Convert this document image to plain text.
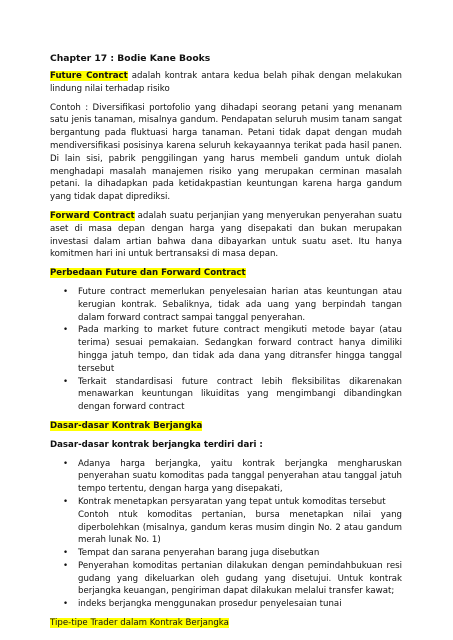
Chapter 17 : Bodie Kane Books

Future Contract adalah kontrak antara kedua belah pihak dengan melakukan lindung nilai terhadap risiko

Contoh : Diversifikasi portofolio yang dihadapi seorang petani yang menanam satu jenis tanaman, misalnya gandum. Pendapatan seluruh musim tanam sangat bergantung pada fluktuasi harga tanaman. Petani tidak dapat dengan mudah mendiversifikasi posisinya karena seluruh kekayaannya terikat pada hasil panen. Di lain sisi, pabrik penggilingan yang harus membeli gandum untuk diolah menghadapi masalah manajemen risiko yang merupakan cerminan masalah petani. Ia dihadapkan pada ketidakpastian keuntungan karena harga gandum yang tidak dapat diprediksi.

Forward Contract adalah suatu perjanjian yang menyerukan penyerahan suatu aset di masa depan dengan harga yang disepakati dan bukan merupakan investasi dalam artian bahwa dana dibayarkan untuk suatu aset. Itu hanya komitmen hari ini untuk bertransaksi di masa depan.

Perbedaan Future dan Forward Contract

• Future contract memerlukan penyelesaian harian atas keuntungan atau kerugian kontrak. Sebaliknya, tidak ada uang yang berpindah tangan dalam forward contract sampai tanggal penyerahan.
• Pada marking to market future contract mengikuti metode bayar (atau terima) sesuai pemakaian. Sedangkan forward contract hanya dimiliki hingga jatuh tempo, dan tidak ada dana yang ditransfer hingga tanggal tersebut
• Terkait standardisasi future contract lebih fleksibilitas dikarenakan menawarkan keuntungan likuiditas yang mengimbangi dibandingkan dengan forward contract

Dasar-dasar Kontrak Berjangka

Dasar-dasar kontrak berjangka terdiri dari :

• Adanya harga berjangka, yaitu kontrak berjangka mengharuskan penyerahan suatu komoditas pada tanggal penyerahan atau tanggal jatuh tempo tertentu, dengan harga yang disepakati,
• Kontrak menetapkan persyaratan yang tepat untuk komoditas tersebut
Contoh ntuk komoditas pertanian, bursa menetapkan nilai yang diperbolehkan (misalnya, gandum keras musim dingin No. 2 atau gandum merah lunak No. 1)
• Tempat dan sarana penyerahan barang juga disebutkan
• Penyerahan komoditas pertanian dilakukan dengan pemindahbukuan resi gudang yang dikeluarkan oleh gudang yang disetujui. Untuk kontrak berjangka keuangan, pengiriman dapat dilakukan melalui transfer kawat;
• indeks berjangka menggunakan prosedur penyelesaian tunai

Tipe-tipe Trader dalam Kontrak Berjangka
